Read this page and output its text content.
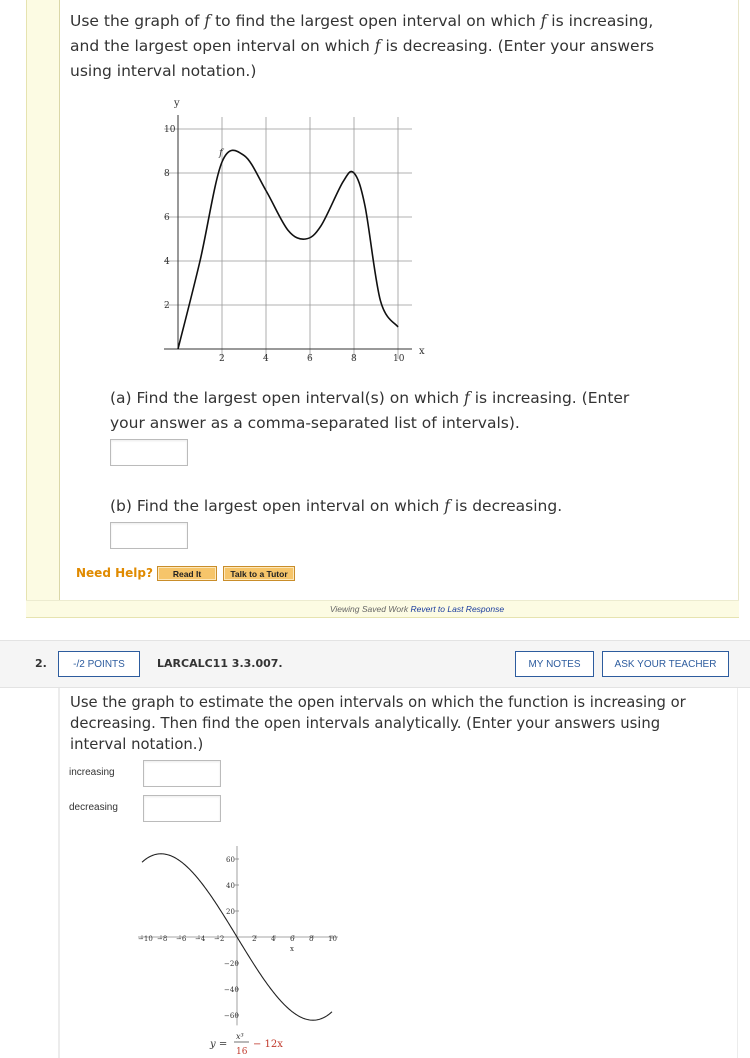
Use the graph of f to find the largest open interval on which f is increasing,
and the largest open interval on which f is decreasing. (Enter your answers
using interval notation.)
10
8
6
4
2
2	4	6	8	10
y
x
f
(a) Find the largest open interval(s) on which f is increasing. (Enter
your answer as a comma-separated list of intervals).
(b) Find the largest open interval on which f is decreasing.
Need Help?	Read It	Talk to a Tutor
Viewing Saved Work Revert to Last Response
2.	-/2 POINTS	LARCALC11 3.3.007.	MY NOTES	ASK YOUR TEACHER
Use the graph to estimate the open intervals on which the function is increasing or
decreasing. Then find the open intervals analytically. (Enter your answers using
interval notation.)
increasing
decreasing
−10 −8 −6 −4 −2	2 4 6 8 10
60
40
20
−20
−40
−60
x
y =
x³
16
− 12x
